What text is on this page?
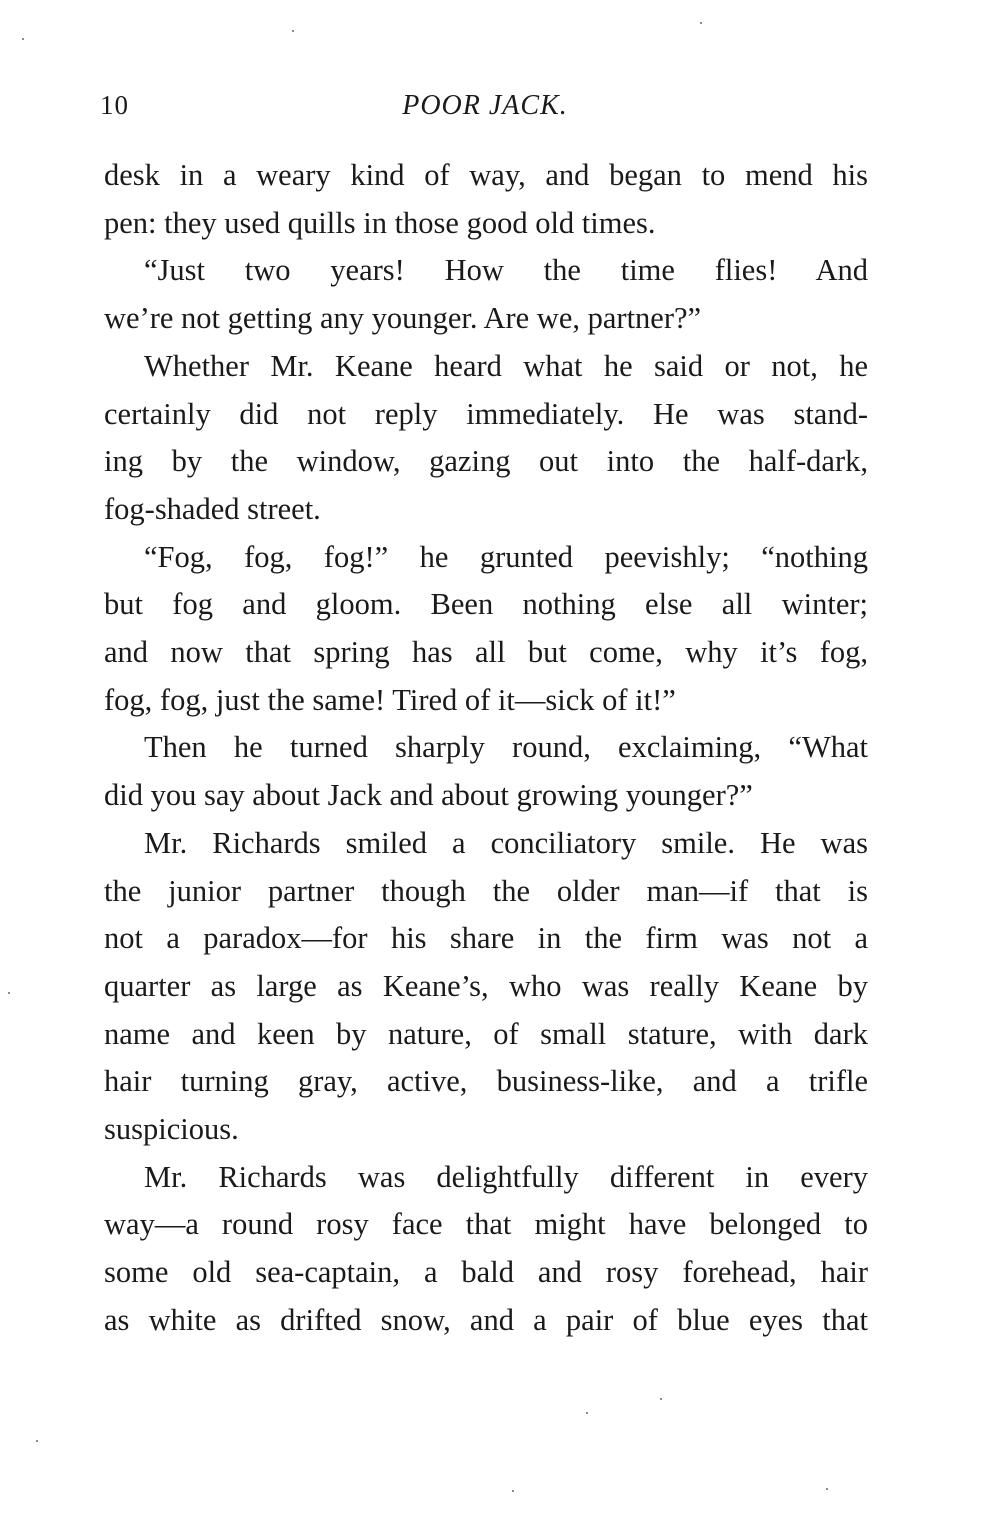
10	POOR JACK.
desk in a weary kind of way, and began to mend his
pen: they used quills in those good old times.
“Just two years! How the time flies! And
we’re not getting any younger. Are we, partner?”
Whether Mr. Keane heard what he said or not, he
certainly did not reply immediately. He was stand-
ing by the window, gazing out into the half-dark,
fog-shaded street.
“Fog, fog, fog!” he grunted peevishly; “nothing
but fog and gloom. Been nothing else all winter;
and now that spring has all but come, why it’s fog,
fog, fog, just the same! Tired of it—sick of it!”
Then he turned sharply round, exclaiming, “What
did you say about Jack and about growing younger?”
Mr. Richards smiled a conciliatory smile. He was
the junior partner though the older man—if that is
not a paradox—for his share in the firm was not a
quarter as large as Keane’s, who was really Keane by
name and keen by nature, of small stature, with dark
hair turning gray, active, business-like, and a trifle
suspicious.
Mr. Richards was delightfully different in every
way—a round rosy face that might have belonged to
some old sea-captain, a bald and rosy forehead, hair
as white as drifted snow, and a pair of blue eyes that
